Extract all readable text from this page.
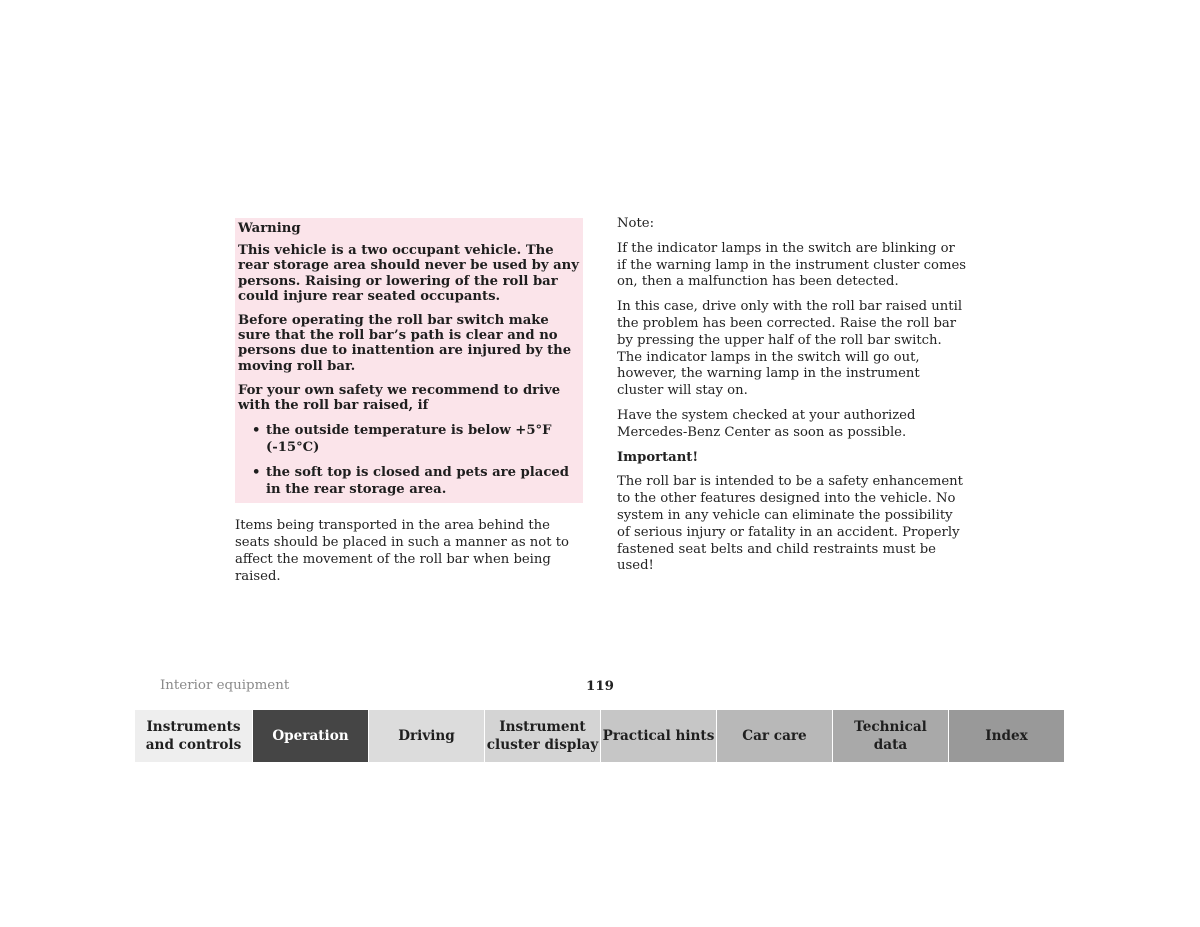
Warning

This vehicle is a two occupant vehicle. The rear storage area should never be used by any persons. Raising or lowering of the roll bar could injure rear seated occupants.

Before operating the roll bar switch make sure that the roll bar’s path is clear and no persons due to inattention are injured by the moving roll bar.

For your own safety we recommend to drive with the roll bar raised, if

• the outside temperature is below +5°F (-15°C)
• the soft top is closed and pets are placed in the rear storage area.

Items being transported in the area behind the seats should be placed in such a manner as not to affect the movement of the roll bar when being raised.

Note:

If the indicator lamps in the switch are blinking or if the warning lamp in the instrument cluster comes on, then a malfunction has been detected.

In this case, drive only with the roll bar raised until the problem has been corrected. Raise the roll bar by pressing the upper half of the roll bar switch. The indicator lamps in the switch will go out, however, the warning lamp in the instrument cluster will stay on.

Have the system checked at your authorized Mercedes-Benz Center as soon as possible.

Important!

The roll bar is intended to be a safety enhancement to the other features designed into the vehicle. No system in any vehicle can eliminate the possibility of serious injury or fatality in an accident. Properly fastened seat belts and child restraints must be used!

Interior equipment	119
Instruments
and controls
Operation	Driving
Instrument
cluster display
Practical hints Car care
Technical
data
Index
